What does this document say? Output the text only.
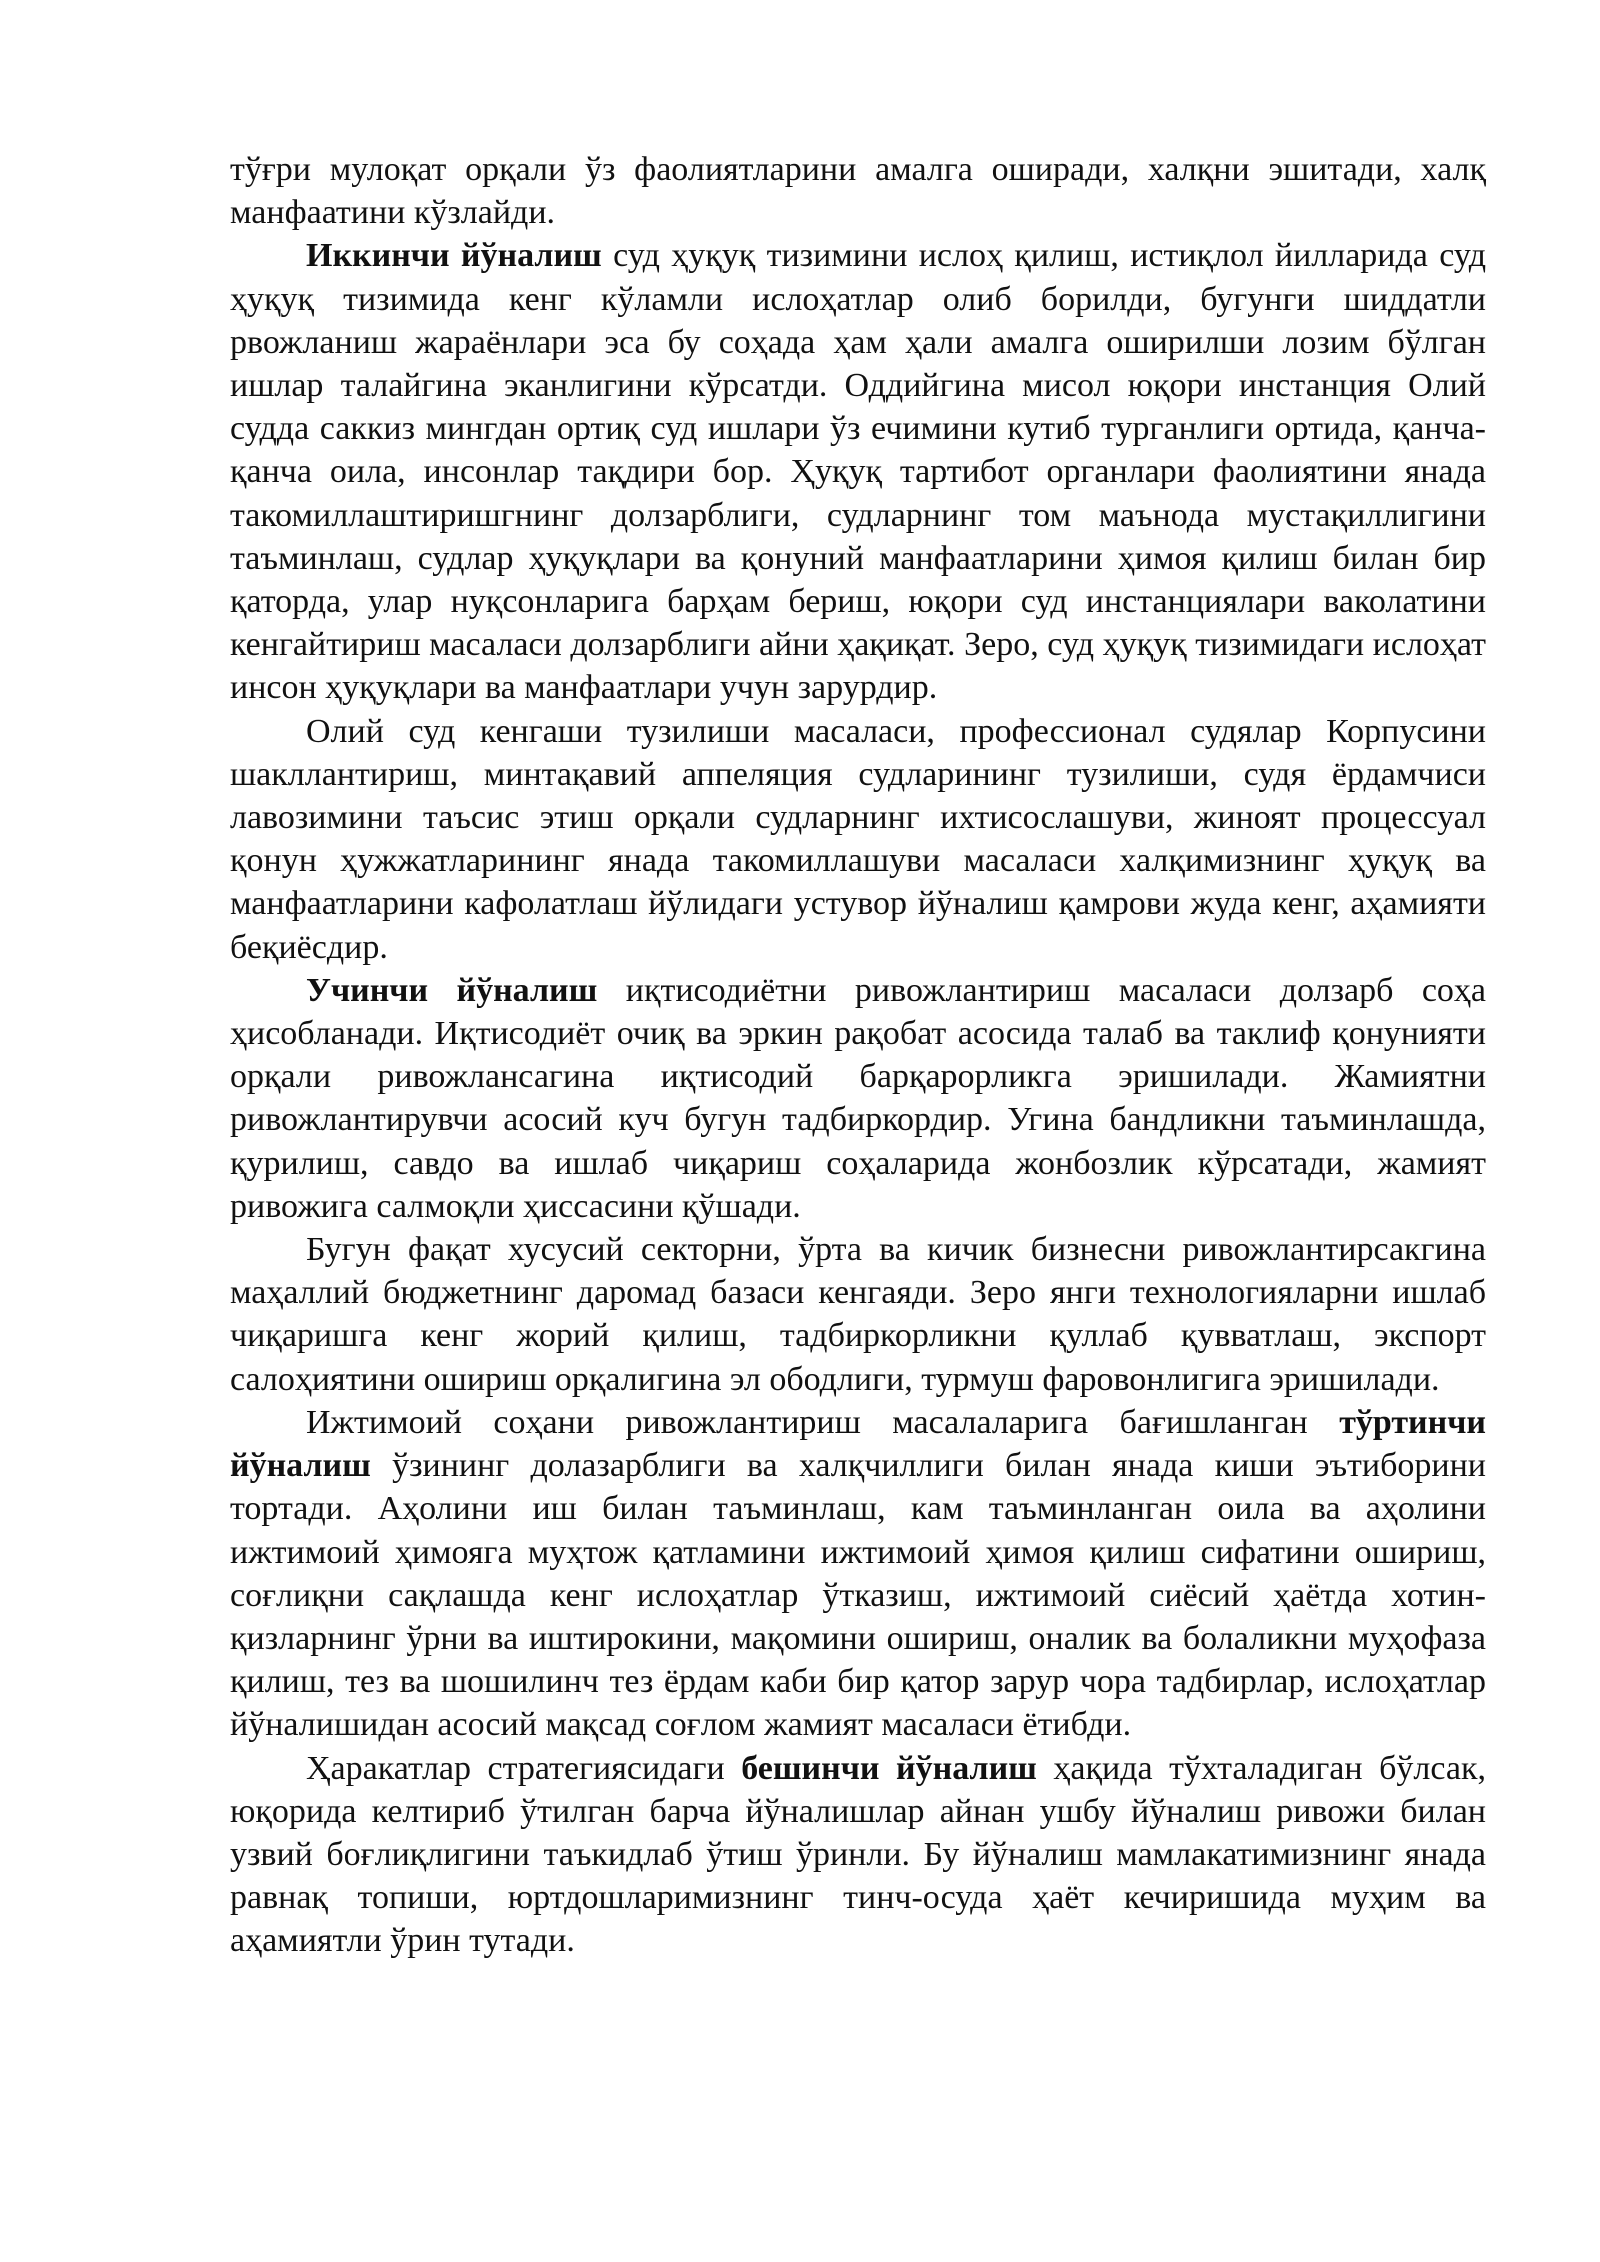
тўғри мулоқат орқали ўз фаолиятларини амалга оширади, халқни эшитади, халқ манфаатини кўзлайди.

Иккинчи йўналиш суд ҳуқуқ тизимини ислоҳ қилиш, истиқлол йилларида суд ҳуқуқ тизимида кенг кўламли ислоҳатлар олиб борилди, бугунги шиддатли рвожланиш жараёнлари эса бу соҳада ҳам ҳали амалга оширилши лозим бўлган ишлар талайгина эканлигини кўрсатди. Оддийгина мисол юқори инстанция Олий судда саккиз мингдан ортиқ суд ишлари ўз ечимини кутиб турганлиги ортида, қанча-қанча оила, инсонлар тақдири бор. Ҳуқуқ тартибот органлари фаолиятини янада такомиллаштиришгнинг долзарблиги, судларнинг том маънода мустақиллигини таъминлаш, судлар ҳуқуқлари ва қонуний манфаатларини ҳимоя қилиш билан бир қаторда, улар нуқсонларига барҳам бериш, юқори суд инстанциялари ваколатини кенгайтириш масаласи долзарблиги айни ҳақиқат. Зеро, суд ҳуқуқ тизимидаги ислоҳат инсон ҳуқуқлари ва манфаатлари учун зарурдир.

Олий суд кенгаши тузилиши масаласи, профессионал судялар Корпусини шакллантириш, минтақавий аппеляция судларининг тузилиши, судя ёрдамчиси лавозимини таъсис этиш орқали судларнинг ихтисослашуви, жиноят процессуал қонун ҳужжатларининг янада такомиллашуви масаласи халқимизнинг ҳуқуқ ва манфаатларини кафолатлаш йўлидаги устувор йўналиш қамрови жуда кенг, аҳамияти беқиёсдир.

Учинчи йўналиш иқтисодиётни ривожлантириш масаласи долзарб соҳа ҳисобланади. Иқтисодиёт очиқ ва эркин рақобат асосида талаб ва таклиф қонунияти орқали ривожлансагина иқтисодий барқарорликга эришилади. Жамиятни ривожлантирувчи асосий куч бугун тадбиркордир. Угина бандликни таъминлашда, қурилиш, савдо ва ишлаб чиқариш соҳаларида жонбозлик кўрсатади, жамият ривожига салмоқли ҳиссасини қўшади.

Бугун фақат хусусий секторни, ўрта ва кичик бизнесни ривожлантирсакгина маҳаллий бюджетнинг даромад базаси кенгаяди. Зеро янги технологияларни ишлаб чиқаришга кенг жорий қилиш, тадбиркорликни қуллаб қувватлаш, экспорт салоҳиятини ошириш орқалигина эл ободлиги, турмуш фаровонлигига эришилади.

Ижтимоий соҳани ривожлантириш масалаларига бағишланган тўртинчи йўналиш ўзининг долазарблиги ва халқчиллиги билан янада киши эътиборини тортади. Аҳолини иш билан таъминлаш, кам таъминланган оила ва аҳолини ижтимоий ҳимояга муҳтож қатламини ижтимоий ҳимоя қилиш сифатини ошириш, соғлиқни сақлашда кенг ислоҳатлар ўтказиш, ижтимоий сиёсий ҳаётда хотин-қизларнинг ўрни ва иштирокини, мақомини ошириш, оналик ва болаликни муҳофаза қилиш, тез ва шошилинч тез ёрдам каби бир қатор зарур чора тадбирлар, ислоҳатлар йўналишидан асосий мақсад соғлом жамият масаласи ётибди.

Ҳаракатлар стратегиясидаги бешинчи йўналиш ҳақида тўхталадиган бўлсак, юқорида келтириб ўтилган барча йўналишлар айнан ушбу йўналиш ривожи билан узвий боғлиқлигини таъкидлаб ўтиш ўринли. Бу йўналиш мамлакатимизнинг янада равнақ топиши, юртдошларимизнинг тинч-осуда ҳаёт кечиришида муҳим ва аҳамиятли ўрин тутади.
